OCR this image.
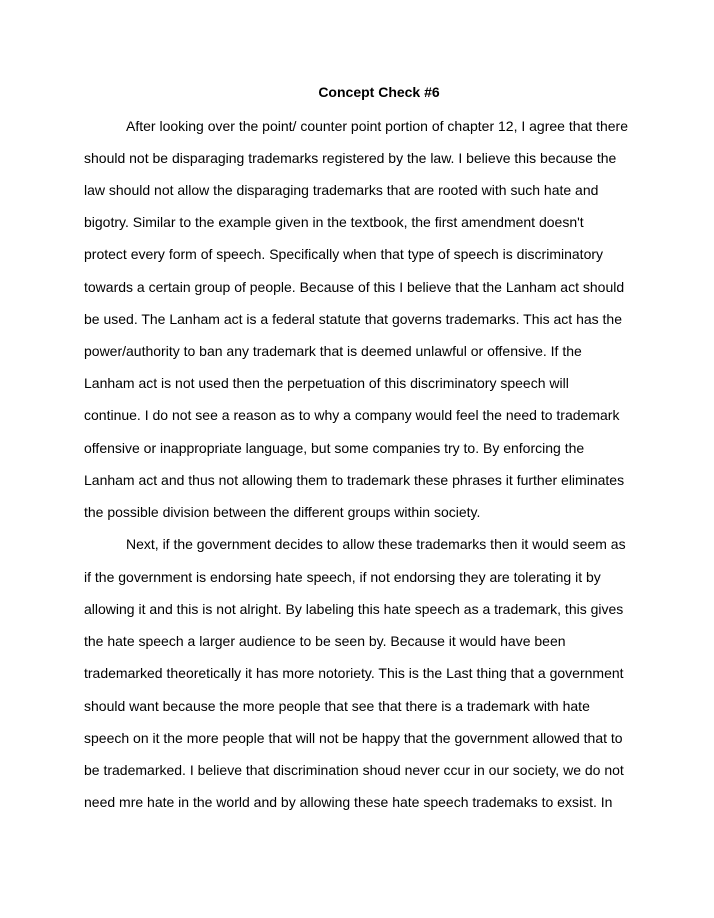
Concept Check #6

After looking over the point/ counter point portion of chapter 12, I agree that there

should not be disparaging trademarks registered by the law. I believe this because the

law should not allow the disparaging trademarks that are rooted with such hate and

bigotry. Similar to the example given in the textbook, the first amendment doesn't

protect every form of speech. Specifically when that type of speech is discriminatory

towards a certain group of people. Because of this I believe that the Lanham act should

be used. The Lanham act is a federal statute that governs trademarks. This act has the

power/authority to ban any trademark that is deemed unlawful or offensive. If the

Lanham act is not used then the perpetuation of this discriminatory speech will

continue. I do not see a reason as to why a company would feel the need to trademark

offensive or inappropriate language, but some companies try to. By enforcing the

Lanham act and thus not allowing them to trademark these phrases it further eliminates

the possible division between the different groups within society.

Next, if the government decides to allow these trademarks then it would seem as

if the government is endorsing hate speech, if not endorsing they are tolerating it by

allowing it and this is not alright. By labeling this hate speech as a trademark, this gives

the hate speech a larger audience to be seen by. Because it would have been

trademarked theoretically it has more notoriety. This is the Last thing that a government

should want because the more people that see that there is a trademark with hate

speech on it the more people that will not be happy that the government allowed that to

be trademarked. I believe that discrimination shoud never ccur in our society, we do not

need mre hate in the world and by allowing these hate speech trademaks to exsist. In
